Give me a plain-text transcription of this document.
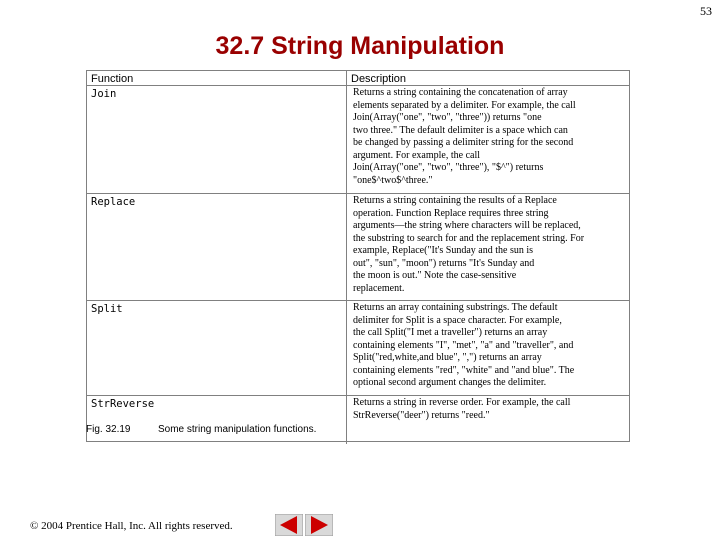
53
32.7 String Manipulation
Function	Description
Join	Returns a string containing the concatenation of array
elements separated by a delimiter. For example, the call
Join(Array("one", "two", "three")) returns "one
two three." The default delimiter is a space which can
be changed by passing a delimiter string for the second
argument. For example, the call
Join(Array("one", "two", "three"), "$^") returns
"one$^two$^three."
Replace	Returns a string containing the results of a Replace
operation. Function Replace requires three string
arguments—the string where characters will be replaced,
the substring to search for and the replacement string. For
example, Replace("It's Sunday and the sun is
out", "sun", "moon") returns "It's Sunday and
the moon is out." Note the case-sensitive
replacement.
Split	Returns an array containing substrings. The default
delimiter for Split is a space character. For example,
the call Split("I met a traveller") returns an array
containing elements "I", "met", "a" and "traveller", and
Split("red,white,and blue", ",") returns an array
containing elements "red", "white" and "and blue". The
optional second argument changes the delimiter.
StrReverse	Returns a string in reverse order. For example, the call
StrReverse("deer") returns "reed."
Fig. 32.19	Some string manipulation functions.
© 2004 Prentice Hall, Inc. All rights reserved.
